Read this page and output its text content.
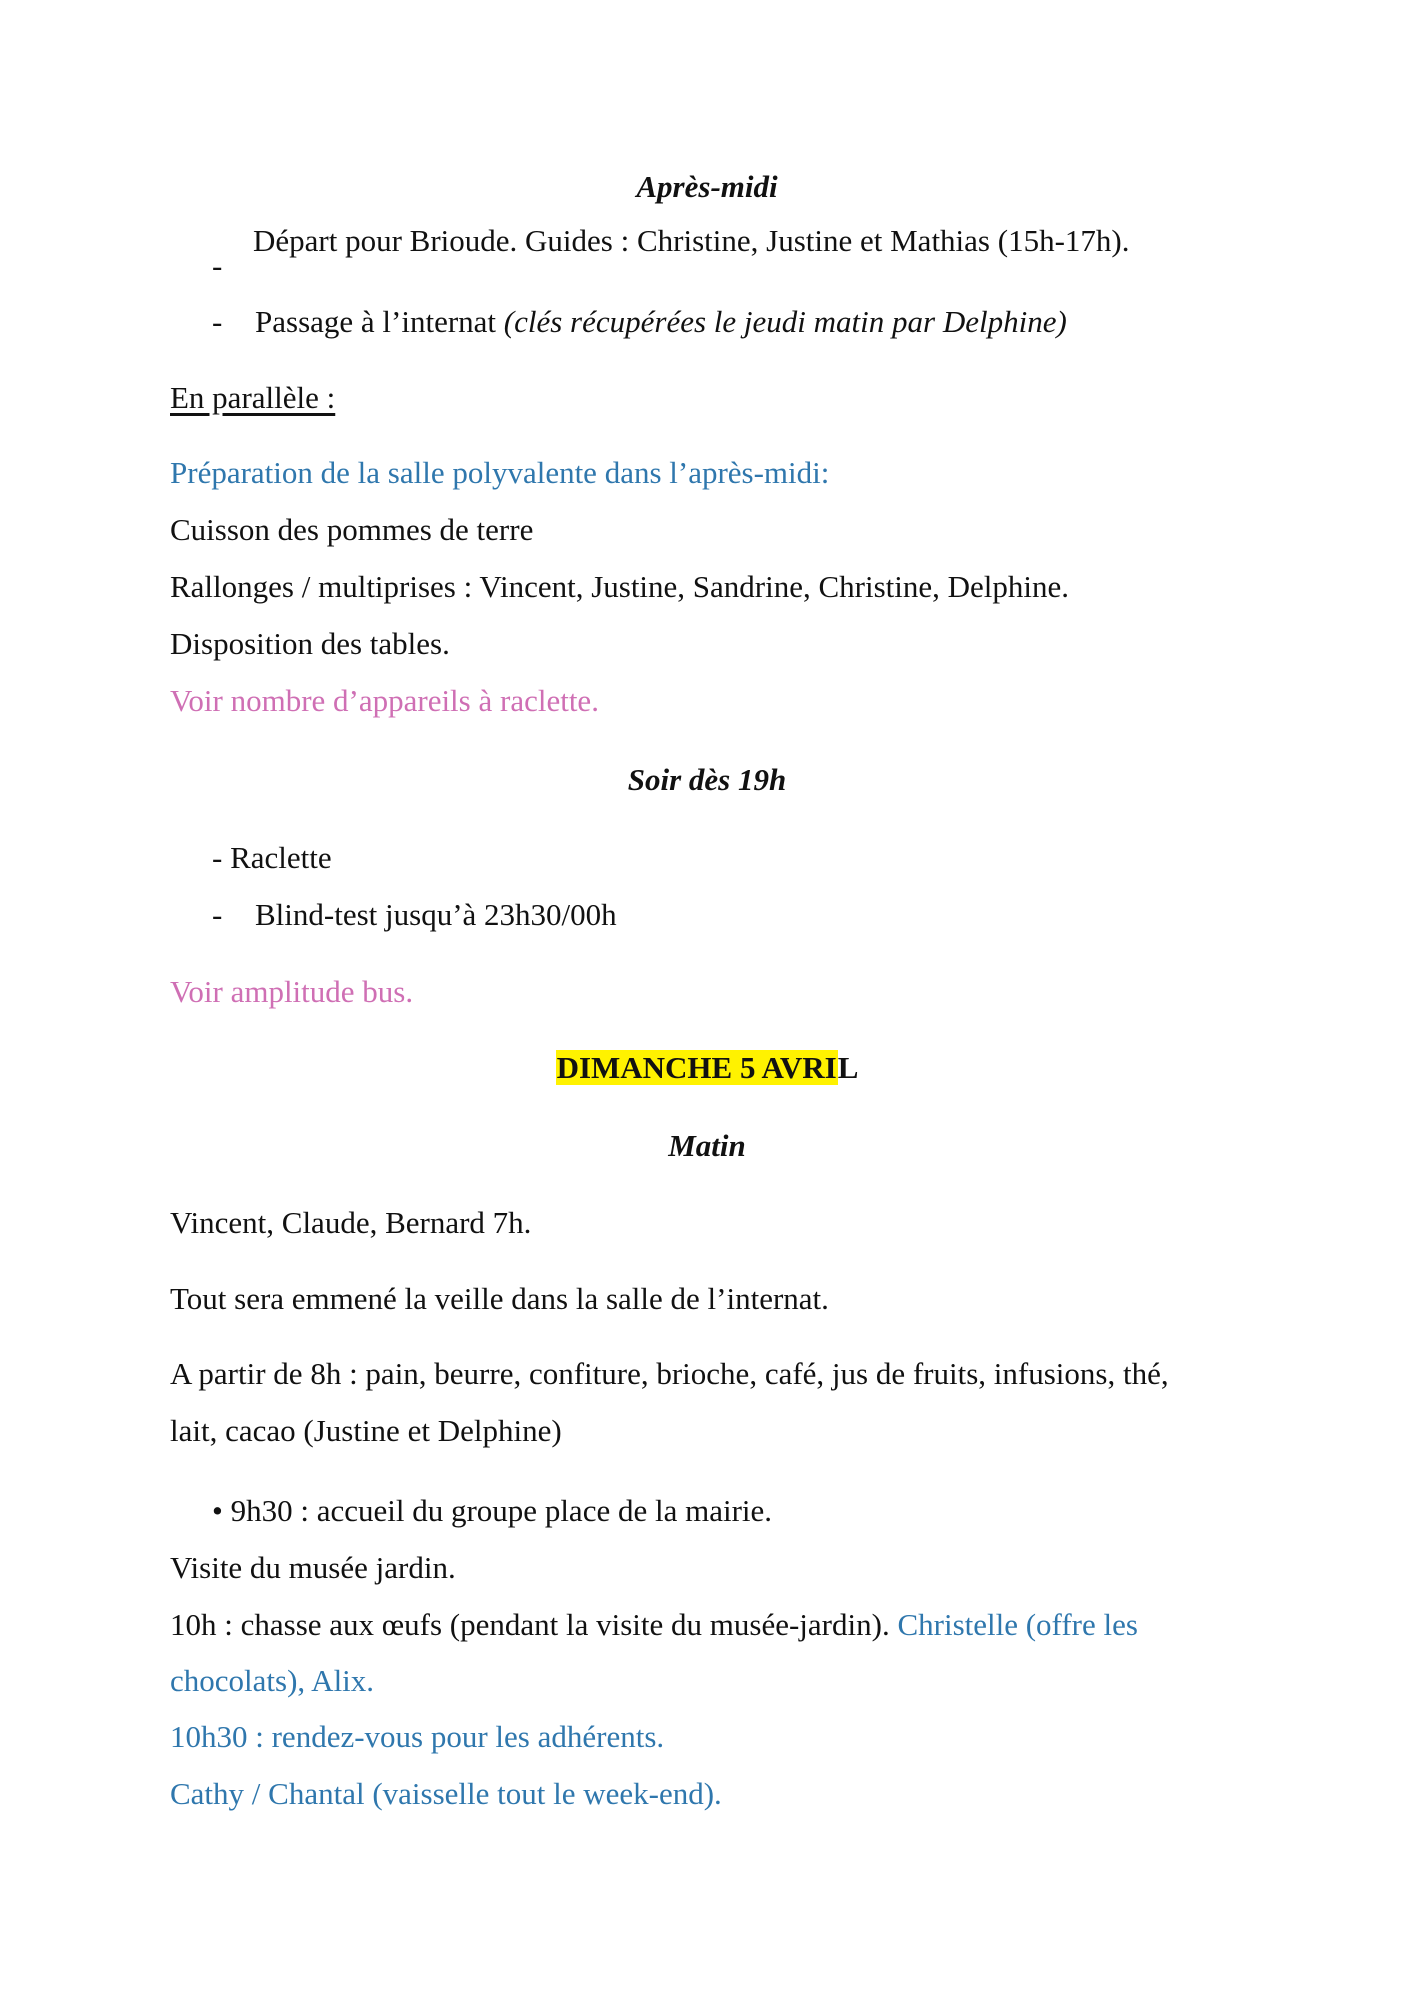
Après-midi
-
Départ pour Brioude. Guides : Christine, Justine et Mathias (15h-17h).
- Passage à l’internat (clés récupérées le jeudi matin par Delphine)
En parallèle :
Préparation de la salle polyvalente dans l’après-midi:
Cuisson des pommes de terre
Rallonges / multiprises : Vincent, Justine, Sandrine, Christine, Delphine.
Disposition des tables.
Voir nombre d’appareils à raclette.
Soir dès 19h
- Raclette
- Blind-test jusqu’à 23h30/00h
Voir amplitude bus.
DIMANCHE 5 AVRIL
Matin
Vincent, Claude, Bernard 7h.
Tout sera emmené la veille dans la salle de l’internat.
A partir de 8h : pain, beurre, confiture, brioche, café, jus de fruits, infusions, thé,
lait, cacao (Justine et Delphine)
• 9h30 : accueil du groupe place de la mairie.
Visite du musée jardin.
10h : chasse aux œufs (pendant la visite du musée-jardin). Christelle (offre les
chocolats), Alix.
10h30 : rendez-vous pour les adhérents.
Cathy / Chantal (vaisselle tout le week-end).
